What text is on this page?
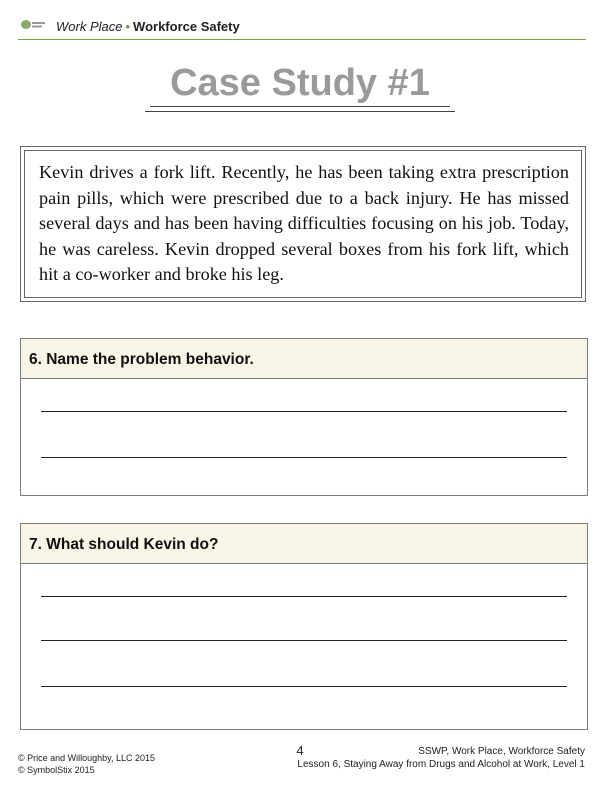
Work Place • Workforce Safety
Case Study #1

Kevin drives a fork lift. Recently, he has been taking extra prescription pain pills, which were prescribed due to a back injury. He has missed several days and has been having difficulties focusing on his job. Today, he was careless. Kevin dropped several boxes from his fork lift, which hit a co-worker and broke his leg.

6. Name the problem behavior.
7. What should Kevin do?
© Price and Willoughby, LLC 2015
© SymbolStix 2015
4	SSWP, Work Place, Workforce Safety
Lesson 6, Staying Away from Drugs and Alcohol at Work, Level 1
